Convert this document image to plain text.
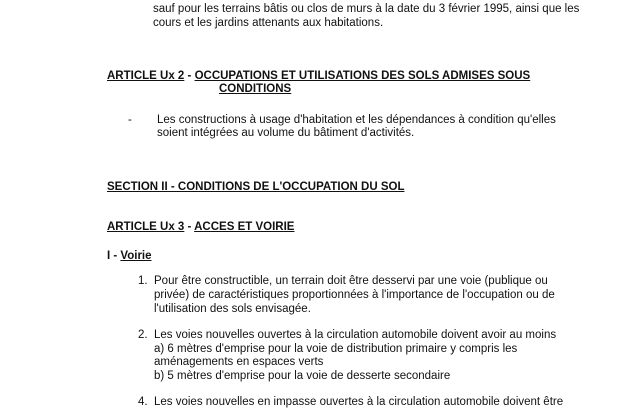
sauf pour les terrains bâtis ou clos de murs à la date du 3 février 1995, ainsi que les
cours et les jardins attenants aux habitations.
ARTICLE Ux 2 - OCCUPATIONS ET UTILISATIONS DES SOLS ADMISES SOUS
CONDITIONS
- Les constructions à usage d'habitation et les dépendances à condition qu'elles
soient intégrées au volume du bâtiment d'activités.
SECTION II - CONDITIONS DE L'OCCUPATION DU SOL
ARTICLE Ux 3 - ACCES ET VOIRIE
I - Voirie
1. Pour être constructible, un terrain doit être desservi par une voie (publique ou
privée) de caractéristiques proportionnées à l'importance de l'occupation ou de
l'utilisation des sols envisagée.
2. Les voies nouvelles ouvertes à la circulation automobile doivent avoir au moins
a) 6 mètres d'emprise pour la voie de distribution primaire y compris les
aménagements en espaces verts
b) 5 mètres d'emprise pour la voie de desserte secondaire
4. Les voies nouvelles en impasse ouvertes à la circulation automobile doivent être
